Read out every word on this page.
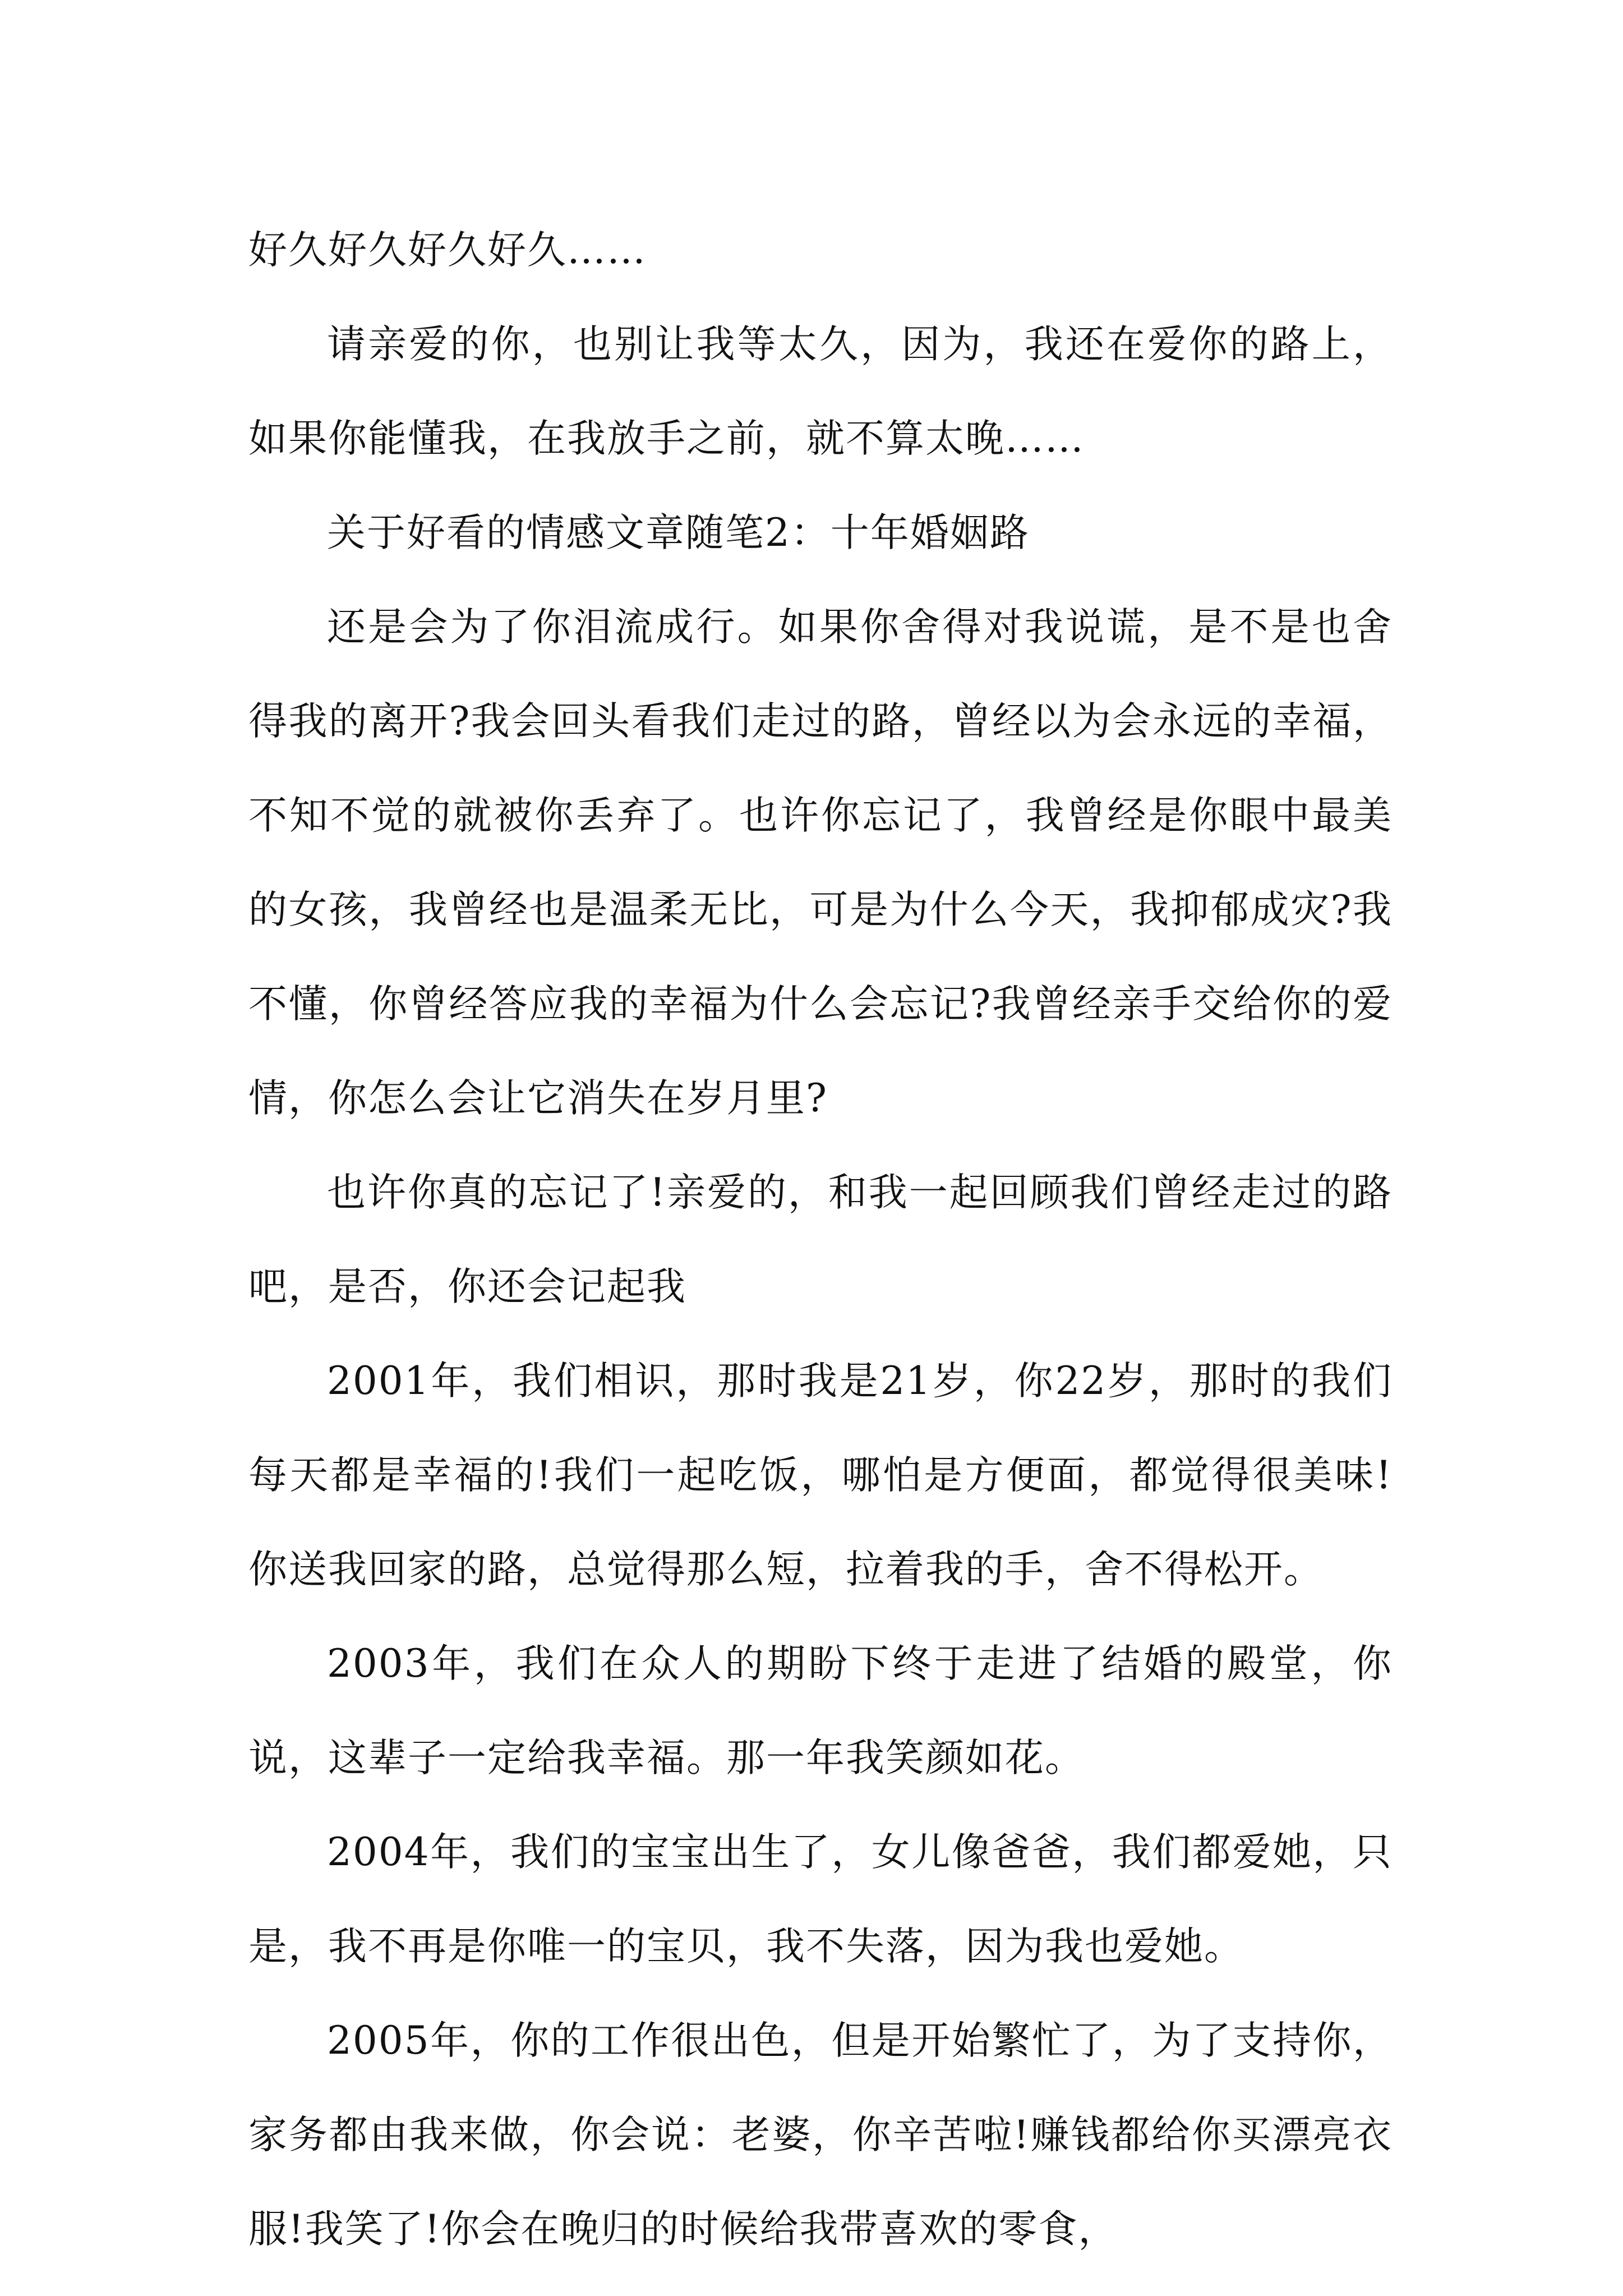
好久好久好久好久……

请亲爱的你，也别让我等太久，因为，我还在爱你的路上，如果你能懂我，在我放手之前，就不算太晚……

关于好看的情感文章随笔2：十年婚姻路

还是会为了你泪流成行。如果你舍得对我说谎，是不是也舍得我的离开?我会回头看我们走过的路，曾经以为会永远的幸福，不知不觉的就被你丢弃了。也许你忘记了，我曾经是你眼中最美的女孩，我曾经也是温柔无比，可是为什么今天，我抑郁成灾?我不懂，你曾经答应我的幸福为什么会忘记?我曾经亲手交给你的爱情，你怎么会让它消失在岁月里?

也许你真的忘记了!亲爱的，和我一起回顾我们曾经走过的路吧，是否，你还会记起我

2001年，我们相识，那时我是21岁，你22岁，那时的我们每天都是幸福的!我们一起吃饭，哪怕是方便面，都觉得很美味!你送我回家的路，总觉得那么短，拉着我的手，舍不得松开。

2003年，我们在众人的期盼下终于走进了结婚的殿堂，你说，这辈子一定给我幸福。那一年我笑颜如花。

2004年，我们的宝宝出生了，女儿像爸爸，我们都爱她，只是，我不再是你唯一的宝贝，我不失落，因为我也爱她。

2005年，你的工作很出色，但是开始繁忙了，为了支持你，家务都由我来做，你会说：老婆，你辛苦啦!赚钱都给你买漂亮衣服!我笑了!你会在晚归的时候给我带喜欢的零食，
